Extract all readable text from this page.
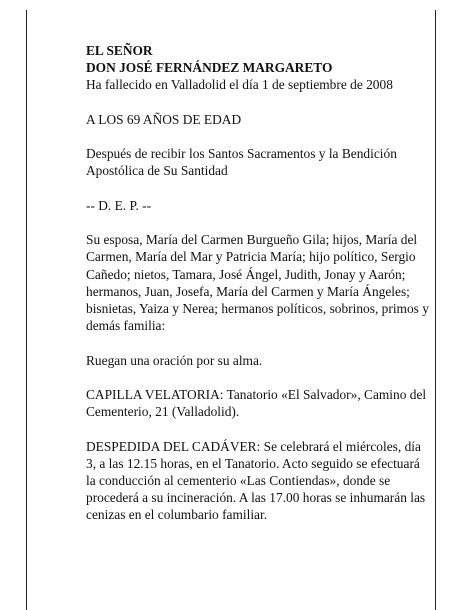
EL SEÑOR

DON JOSÉ FERNÁNDEZ MARGARETO

Ha fallecido en Valladolid el día 1 de septiembre de 2008

A LOS 69 AÑOS DE EDAD

Después de recibir los Santos Sacramentos y la Bendición Apostólica de Su Santidad

-- D. E. P. --

Su esposa, María del Carmen Burgueño Gila; hijos, María del Carmen, María del Mar y Patricia María; hijo político, Sergio Cañedo; nietos, Tamara, José Ángel, Judith, Jonay y Aarón; hermanos, Juan, Josefa, María del Carmen y María Ángeles; bisnietas, Yaiza y Nerea; hermanos políticos, sobrinos, primos y demás familia:

Ruegan una oración por su alma.

CAPILLA VELATORIA: Tanatorio «El Salvador», Camino del Cementerio, 21 (Valladolid).

DESPEDIDA DEL CADÁVER: Se celebrará el miércoles, día 3, a las 12.15 horas, en el Tanatorio. Acto seguido se efectuará la conducción al cementerio «Las Contiendas», donde se procederá a su incineración. A las 17.00 horas se inhumarán las cenizas en el columbario familiar.
